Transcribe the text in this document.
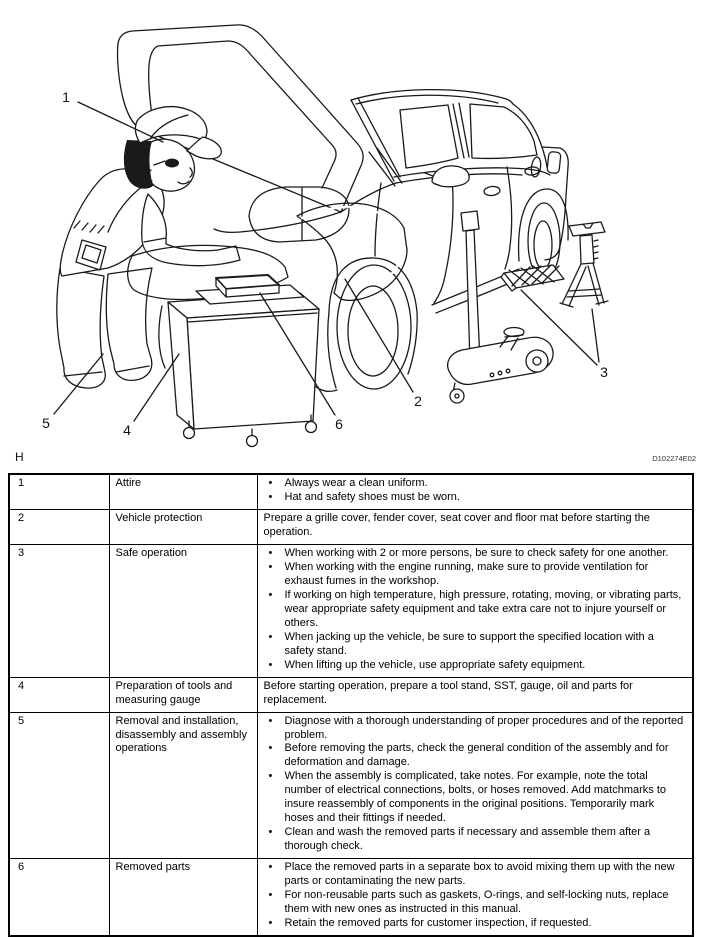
1
2
3
4
5	6
H	D102274E02
1	Attire	• Always wear a clean uniform.
• Hat and safety shoes must be worn.

2	Vehicle protection	Prepare a grille cover, fender cover, seat cover and floor mat before starting the operation.
3	Safe operation	• When working with 2 or more persons, be sure to check safety for one another.
• When working with the engine running, make sure to provide ventilation for exhaust fumes in the workshop.
• If working on high temperature, high pressure, rotating, moving, or vibrating parts, wear appropriate safety equipment and take extra care not to injure yourself or others.
• When jacking up the vehicle, be sure to support the specified location with a safety stand.
• When lifting up the vehicle, use appropriate safety equipment.

4	Preparation of tools and measuring gauge	Before starting operation, prepare a tool stand, SST, gauge, oil and parts for replacement.
5	Removal and installation, disassembly and assembly operations	
• Diagnose with a thorough understanding of proper procedures and of the reported problem.
• Before removing the parts, check the general condition of the assembly and for deformation and damage.
• When the assembly is complicated, take notes. For example, note the total number of electrical connections, bolts, or hoses removed. Add matchmarks to insure reassembly of components in the original positions. Temporarily mark hoses and their fittings if needed.
• Clean and wash the removed parts if necessary and assemble them after a thorough check.

6	Removed parts	• Place the removed parts in a separate box to avoid mixing them up with the new parts or contaminating the new parts.
• For non-reusable parts such as gaskets, O-rings, and self-locking nuts, replace them with new ones as instructed in this manual.
• Retain the removed parts for customer inspection, if requested.
